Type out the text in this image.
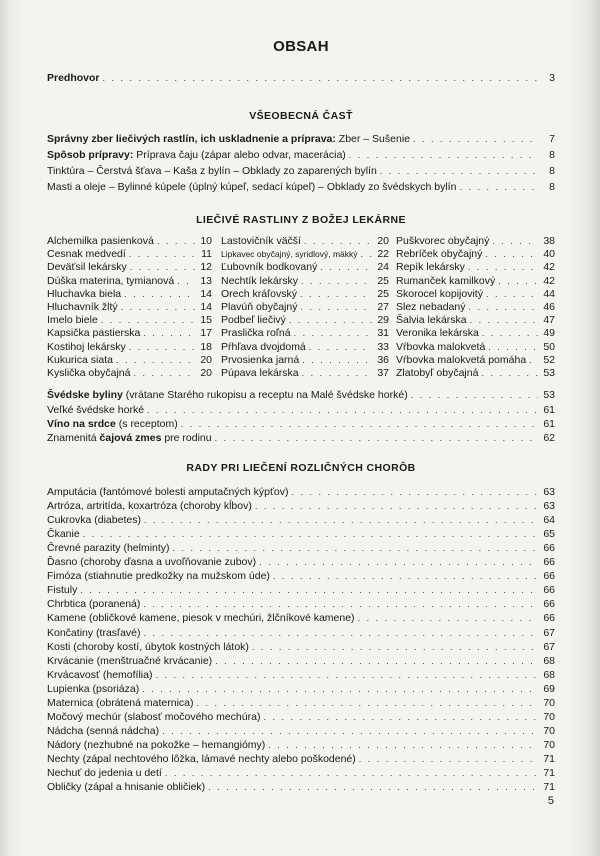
OBSAH
Predhovor . . .	3
VŠEOBECNÁ ČASŤ
Správny zber liečivých rastlín, ich uskladnenie a príprava: Zber – Sušenie . . .	7
Spôsob prípravy: Príprava čaju (zápar alebo odvar, macerácia) . . .	8
Tinktúra – Čerstvá šťava – Kaša z bylín – Obklady zo zaparených bylín . . .	8
Masti a oleje – Bylinné kúpele (úplný kúpeľ, sedací kúpeľ) – Obklady zo švédskych bylín . . .	8
LIEČIVÉ RASTLINY Z BOŽEJ LEKÁRNE
Alchemilka pasienková . . .	10
Cesnak medvedí . . .	11
Deväťsil lekársky . . .	12
Dúška materina, tymianová . . . 13
Hluchavka biela . . .	14
Hluchavník žltý . . .	14
Imelo biele . . .	15
Kapsička pastierska . . .	17
Kostihoj lekársky . . .	18
Kukurica siata . . .	20
Kyslička obyčajná . . .	20
Lastovičník väčší . . .	20
Lipkavec obyčajný, syridlový, mäkký . . . 22
Ľubovník bodkovaný . . .	24
Nechtík lekársky . . .	25
Orech kráľovský . . .	25
Plavúň obyčajný . . .	27
Podbeľ liečivý . . .	29
Praslička roľná . . .	31
Pŕhľava dvojdomá . . .	33
Prvosienka jarná . . .	36
Púpava lekárska . . .	37
Puškvorec obyčajný . . .	38
Rebríček obyčajný . . .	40
Repík lekársky . . .	42
Rumanček kamilkový . . .	42
Skorocel kopijovitý . . .	44
Slez nebadaný . . .	46
Šalvia lekárska . . .	47
Veronika lekárska . . .	49
Vŕbovka malokvetá . . .	50
Vŕbovka malokvetá pomáha . . . 52
Zlatobyľ obyčajná . . .	53
Švédske byliny (vrátane Starého rukopisu a receptu na Malé švédske horké) . . .	53
Veľké švédske horké . . .	61
Víno na srdce (s receptom) . . .	61
Znamenitá čajová zmes pre rodinu . . .	62
RADY PRI LIEČENÍ ROZLIČNÝCH CHORÔB
Amputácia (fantómové bolesti amputačných kýpťov) . . .	63
Artróza, artritída, koxartróza (choroby kĺbov) . . .	63
Cukrovka (diabetes) . . .	64
Čkanie . . .	65
Črevné parazity (helminty) . . .	66
Ďasno (choroby ďasna a uvoľňovanie zubov) . . .	66
Fimóza (stiahnutie predkožky na mužskom úde) . . .	66
Fistuly . . .	66
Chrbtica (poranená) . . .	66
Kamene (obličkové kamene, piesok v mechúri, žlčníkové kamene) . . .	66
Končatiny (trasľavé) . . .	67
Kosti (choroby kostí, úbytok kostných látok) . . .	67
Krvácanie (menštruačné krvácanie) . . .	68
Krvácavosť (hemofília) . . .	68
Lupienka (psoriáza) . . .	69
Maternica (obrátená maternica) . . .	70
Močový mechúr (slabosť močového mechúra) . . .	70
Nádcha (senná nádcha) . . .	70
Nádory (nezhubné na pokožke – hemangiómy) . . .	70
Nechty (zápal nechtového lôžka, lámavé nechty alebo poškodené) . . .	71
Nechuť do jedenia u detí . . .	71
Obličky (zápal a hnisanie obličiek) . . .	71
5
